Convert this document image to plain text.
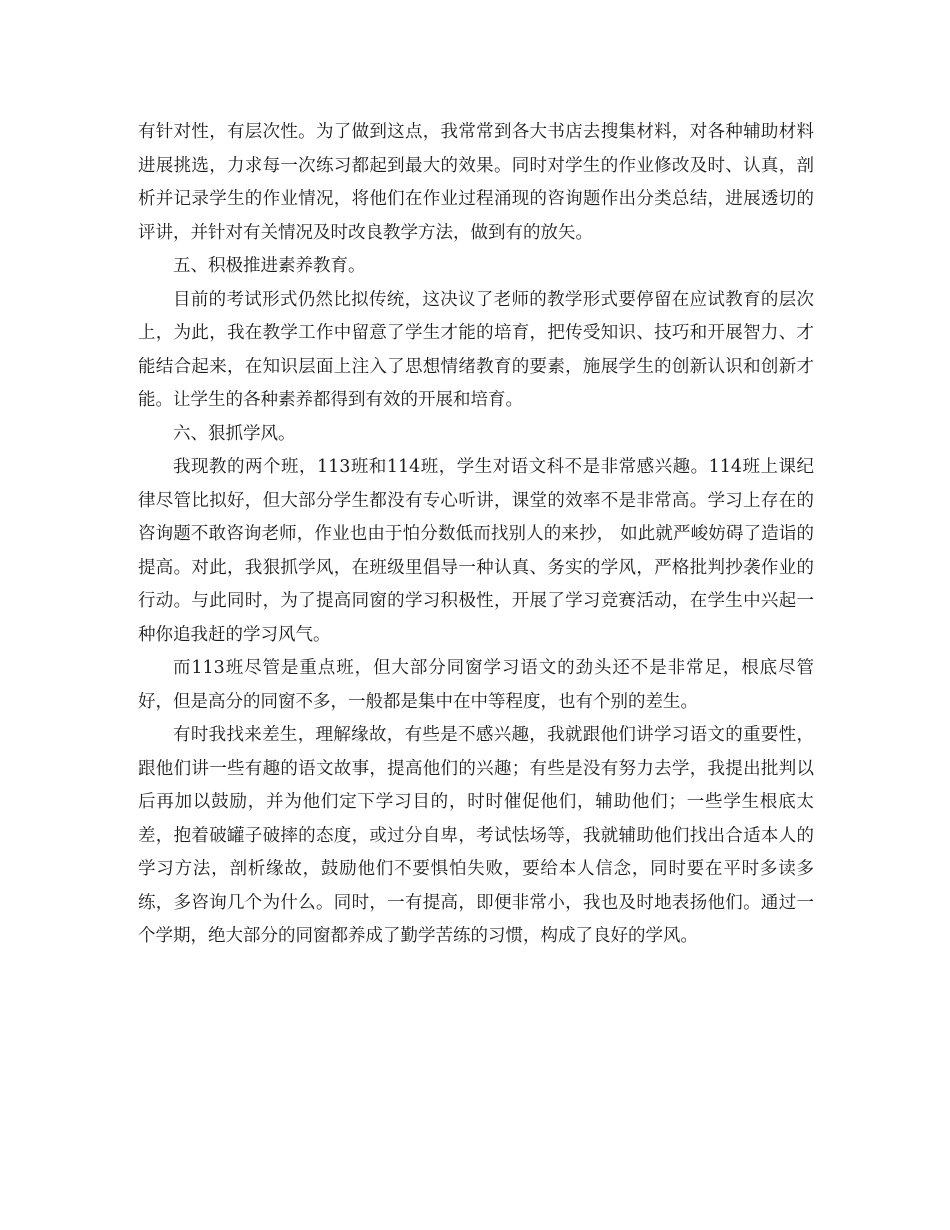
有针对性，有层次性。为了做到这点，我常常到各大书店去搜集材料，对各种辅助材料进展挑选，力求每一次练习都起到最大的效果。同时对学生的作业修改及时、认真，剖析并记录学生的作业情况，将他们在作业过程涌现的咨询题作出分类总结，进展透切的评讲，并针对有关情况及时改良教学方法，做到有的放矢。

五、积极推进素养教育。

目前的考试形式仍然比拟传统，这决议了老师的教学形式要停留在应试教育的层次上，为此，我在教学工作中留意了学生才能的培育，把传受知识、技巧和开展智力、才能结合起来，在知识层面上注入了思想情绪教育的要素，施展学生的创新认识和创新才能。让学生的各种素养都得到有效的开展和培育。

六、狠抓学风。

我现教的两个班，113班和114班，学生对语文科不是非常感兴趣。114班上课纪律尽管比拟好，但大部分学生都没有专心听讲，课堂的效率不是非常高。学习上存在的咨询题不敢咨询老师，作业也由于怕分数低而找别人的来抄， 如此就严峻妨碍了造诣的提高。对此，我狠抓学风，在班级里倡导一种认真、务实的学风，严格批判抄袭作业的行动。与此同时，为了提高同窗的学习积极性，开展了学习竞赛活动，在学生中兴起一种你追我赶的学习风气。

而113班尽管是重点班，但大部分同窗学习语文的劲头还不是非常足，根底尽管好，但是高分的同窗不多，一般都是集中在中等程度，也有个别的差生。

有时我找来差生，理解缘故，有些是不感兴趣，我就跟他们讲学习语文的重要性，跟他们讲一些有趣的语文故事，提高他们的兴趣；有些是没有努力去学，我提出批判以后再加以鼓励，并为他们定下学习目的，时时催促他们，辅助他们；一些学生根底太差，抱着破罐子破摔的态度，或过分自卑，考试怯场等，我就辅助他们找出合适本人的学习方法，剖析缘故，鼓励他们不要惧怕失败，要给本人信念，同时要在平时多读多练，多咨询几个为什么。同时，一有提高，即便非常小，我也及时地表扬他们。通过一个学期，绝大部分的同窗都养成了勤学苦练的习惯，构成了良好的学风。
